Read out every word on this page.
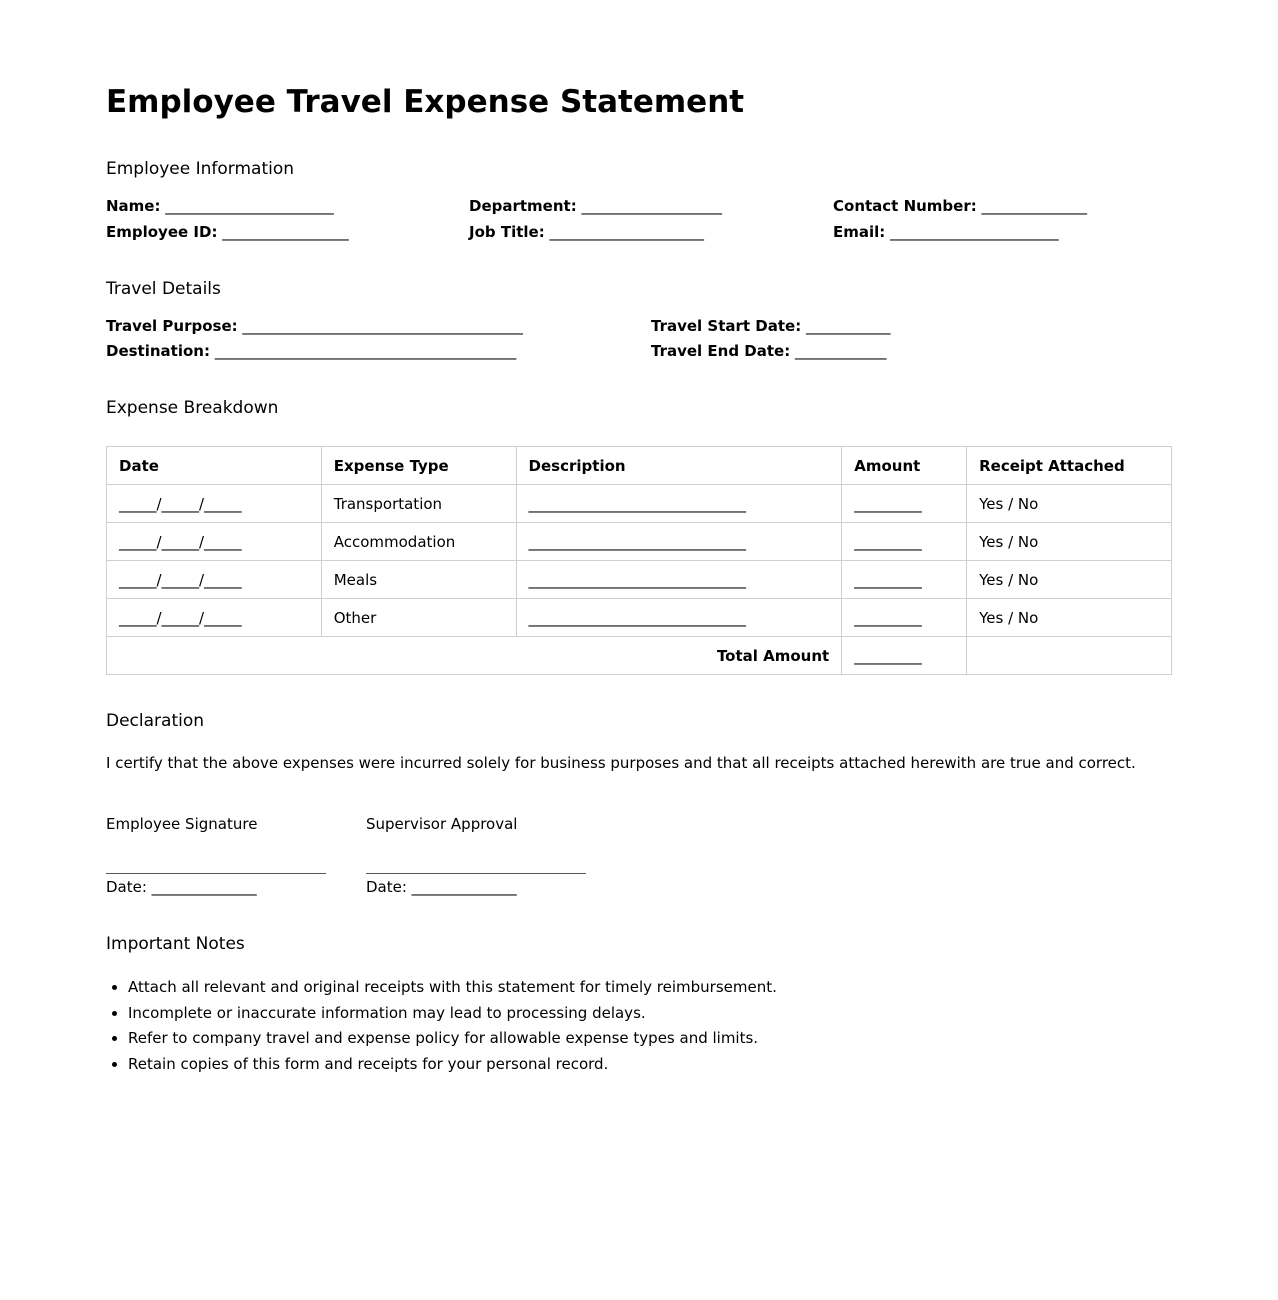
Employee Travel Expense Statement
Employee Information
Name: ________________________	Department: ____________________	Contact Number: _______________
Employee ID: __________________	Job Title: ______________________	Email: ________________________
Travel Details
Travel Purpose: ________________________________________	Travel Start Date: ____________
Destination: ___________________________________________	Travel End Date: _____________
Expense Breakdown
Date	Expense Type	Description	Amount	Receipt Attached
_____/_____/_____	Transportation	_____________________________	_________	Yes / No
_____/_____/_____	Accommodation	_____________________________	_________	Yes / No
_____/_____/_____	Meals	_____________________________	_________	Yes / No
_____/_____/_____	Other	_____________________________	_________	Yes / No
Total Amount			_________	
Declaration
I certify that the above expenses were incurred solely for business purposes and that all receipts attached herewith are true and correct.
Employee Signature
Date: ______________
Supervisor Approval
Date: ______________
Important Notes
• Attach all relevant and original receipts with this statement for timely reimbursement.
• Incomplete or inaccurate information may lead to processing delays.
• Refer to company travel and expense policy for allowable expense types and limits.
• Retain copies of this form and receipts for your personal record.
